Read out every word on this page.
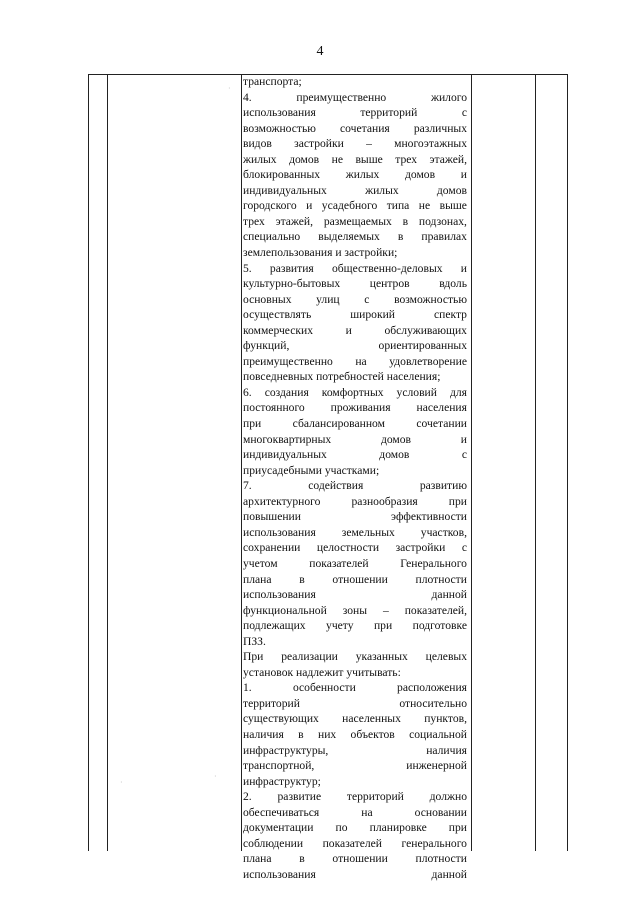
4
транспорта;
4.	преимущественно	жилого
использования	территорий	с
возможностью сочетания различных
видов застройки – многоэтажных
жилых домов не выше трех этажей,
блокированных жилых домов и
индивидуальных	жилых	домов
городского и усадебного типа не выше
трех этажей, размещаемых в подзонах,
специально выделяемых в правилах
землепользования и застройки;
5. развития общественно-деловых и
культурно-бытовых	центров	вдоль
основных улиц с возможностью
осуществлять	широкий	спектр
коммерческих	и	обслуживающих
функций,	ориентированных
преимущественно на удовлетворение
повседневных потребностей населения;
6. создания комфортных условий для
постоянного проживания населения
при	сбалансированном	сочетании
многоквартирных	домов	и
индивидуальных	домов	с
приусадебными участками;
7.	содействия	развитию
архитектурного	разнообразия	при
повышении	эффективности
использования земельных участков,
сохранении целостности застройки с
учетом	показателей	Генерального
плана в отношении плотности
использования	данной
функциональной зоны – показателей,
подлежащих учету при подготовке
ПЗЗ.
При реализации указанных целевых
установок надлежит учитывать:
1.	особенности	расположения
территорий	относительно
существующих населенных пунктов,
наличия в них объектов социальной
инфраструктуры,	наличия
транспортной,	инженерной
инфраструктур;
2. развитие территорий должно
обеспечиваться	на	основании
документации по планировке при
соблюдении показателей генерального
плана в отношении плотности
использования	данной
·
·
·
